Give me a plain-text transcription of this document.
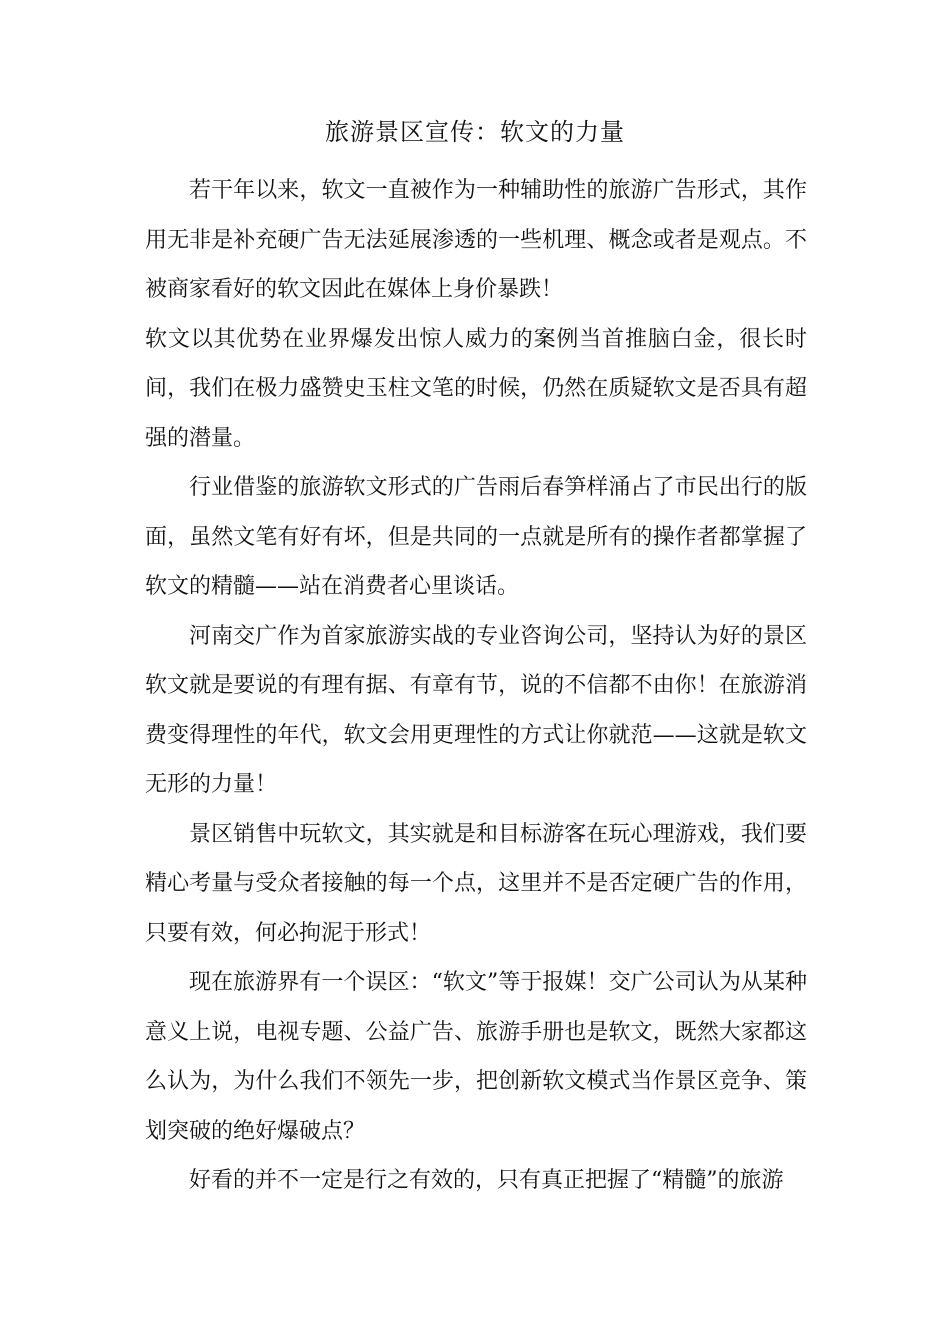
旅游景区宣传：软文的力量

若干年以来，软文一直被作为一种辅助性的旅游广告形式，其作用无非是补充硬广告无法延展渗透的一些机理、概念或者是观点。不被商家看好的软文因此在媒体上身价暴跌！

软文以其优势在业界爆发出惊人威力的案例当首推脑白金，很长时间，我们在极力盛赞史玉柱文笔的时候，仍然在质疑软文是否具有超强的潜量。

行业借鉴的旅游软文形式的广告雨后春笋样涌占了市民出行的版面，虽然文笔有好有坏，但是共同的一点就是所有的操作者都掌握了软文的精髓——站在消费者心里谈话。

河南交广作为首家旅游实战的专业咨询公司，坚持认为好的景区软文就是要说的有理有据、有章有节，说的不信都不由你！在旅游消费变得理性的年代，软文会用更理性的方式让你就范——这就是软文无形的力量！

景区销售中玩软文，其实就是和目标游客在玩心理游戏，我们要精心考量与受众者接触的每一个点，这里并不是否定硬广告的作用，只要有效，何必拘泥于形式！

现在旅游界有一个误区：“软文”等于报媒！交广公司认为从某种意义上说，电视专题、公益广告、旅游手册也是软文，既然大家都这么认为，为什么我们不领先一步，把创新软文模式当作景区竞争、策划突破的绝好爆破点？

好看的并不一定是行之有效的，只有真正把握了“精髓”的旅游
